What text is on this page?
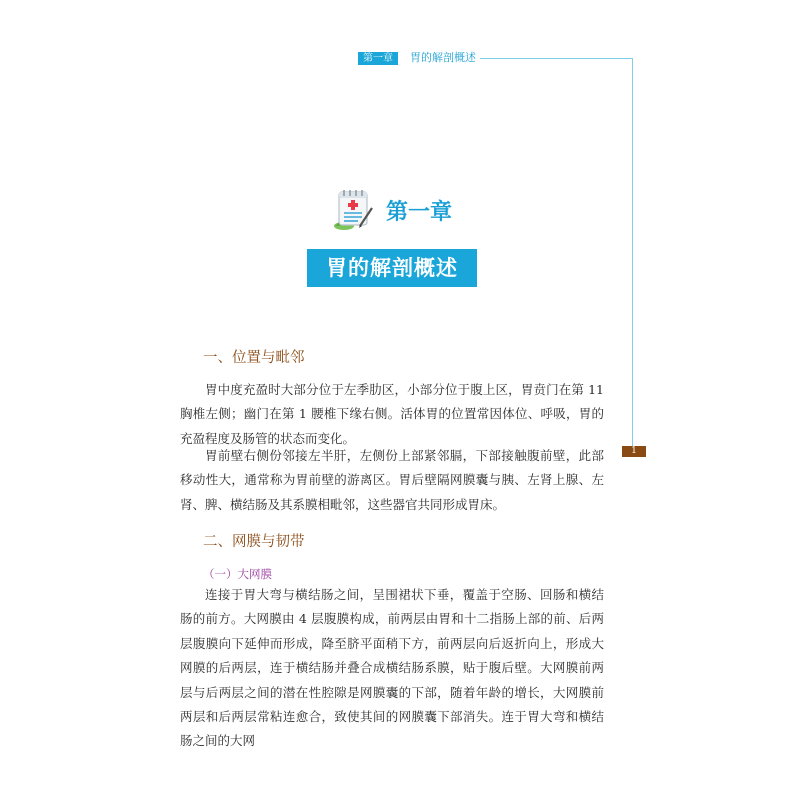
第一章	胃的解剖概述
1
第一章
胃的解剖概述
一、位置与毗邻

胃中度充盈时大部分位于左季肋区，小部分位于腹上区，胃贲门在第 11 胸椎左侧；幽门在第 1 腰椎下缘右侧。活体胃的位置常因体位、呼吸，胃的充盈程度及肠管的状态而变化。

胃前壁右侧份邻接左半肝，左侧份上部紧邻膈，下部接触腹前壁，此部移动性大，通常称为胃前壁的游离区。胃后壁隔网膜囊与胰、左肾上腺、左肾、脾、横结肠及其系膜相毗邻，这些器官共同形成胃床。

二、网膜与韧带
（一）大网膜

连接于胃大弯与横结肠之间，呈围裙状下垂，覆盖于空肠、回肠和横结肠的前方。大网膜由 4 层腹膜构成，前两层由胃和十二指肠上部的前、后两层腹膜向下延伸而形成，降至脐平面稍下方，前两层向后返折向上，形成大网膜的后两层，连于横结肠并叠合成横结肠系膜，贴于腹后壁。大网膜前两层与后两层之间的潜在性腔隙是网膜囊的下部，随着年龄的增长，大网膜前两层和后两层常粘连愈合，致使其间的网膜囊下部消失。连于胃大弯和横结肠之间的大网
